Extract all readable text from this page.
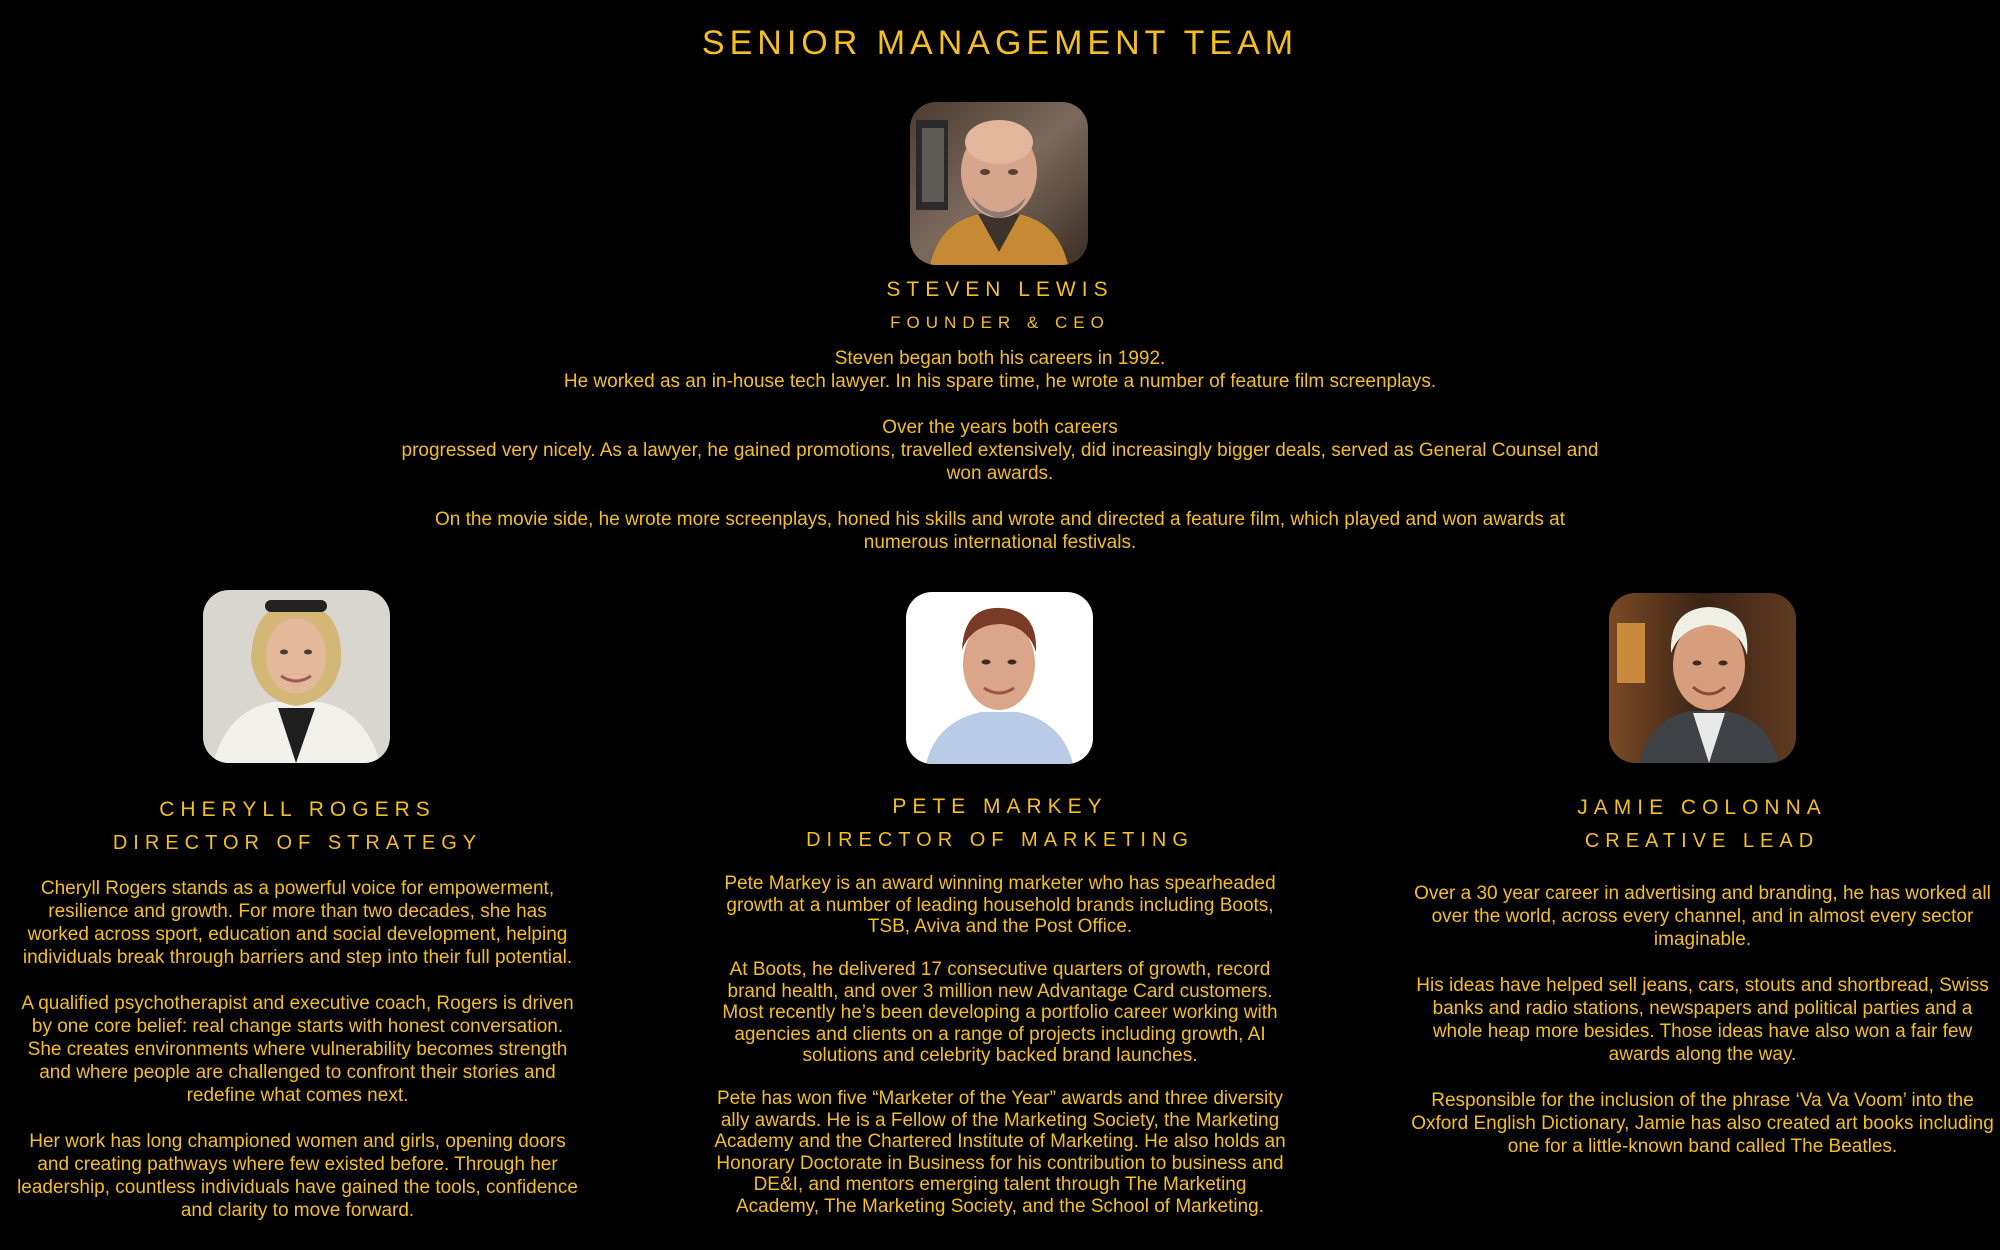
SENIOR MANAGEMENT TEAM
STEVEN LEWIS
FOUNDER & CEO
Steven began both his careers in 1992.
He worked as an in-house tech lawyer. In his spare time, he wrote a number of feature film screenplays.
Over the years both careers
progressed very nicely. As a lawyer, he gained promotions, travelled extensively, did increasingly bigger deals, served as General Counsel and won awards.
On the movie side, he wrote more screenplays, honed his skills and wrote and directed a feature film, which played and won awards at numerous international festivals.
CHERYLL ROGERS
DIRECTOR OF STRATEGY

Cheryll Rogers stands as a powerful voice for empowerment, resilience and growth. For more than two decades, she has worked across sport, education and social development, helping individuals break through barriers and step into their full potential.

A qualified psychotherapist and executive coach, Rogers is driven by one core belief: real change starts with honest conversation. She creates environments where vulnerability becomes strength and where people are challenged to confront their stories and redefine what comes next.

Her work has long championed women and girls, opening doors and creating pathways where few existed before. Through her leadership, countless individuals have gained the tools, confidence and clarity to move forward.

PETE MARKEY
DIRECTOR OF MARKETING

Pete Markey is an award winning marketer who has spearheaded growth at a number of leading household brands including Boots, TSB, Aviva and the Post Office.

At Boots, he delivered 17 consecutive quarters of growth, record brand health, and over 3 million new Advantage Card customers. Most recently he’s been developing a portfolio career working with agencies and clients on a range of projects including growth, AI solutions and celebrity backed brand launches.

Pete has won five “Marketer of the Year” awards and three diversity ally awards. He is a Fellow of the Marketing Society, the Marketing Academy and the Chartered Institute of Marketing. He also holds an Honorary Doctorate in Business for his contribution to business and DE&I, and mentors emerging talent through The Marketing Academy, The Marketing Society, and the School of Marketing.

JAMIE COLONNA
CREATIVE LEAD

Over a 30 year career in advertising and branding, he has worked all over the world, across every channel, and in almost every sector imaginable.

His ideas have helped sell jeans, cars, stouts and shortbread, Swiss banks and radio stations, newspapers and political parties and a whole heap more besides. Those ideas have also won a fair few awards along the way.

Responsible for the inclusion of the phrase ‘Va Va Voom’ into the Oxford English Dictionary, Jamie has also created art books including one for a little-known band called The Beatles.
